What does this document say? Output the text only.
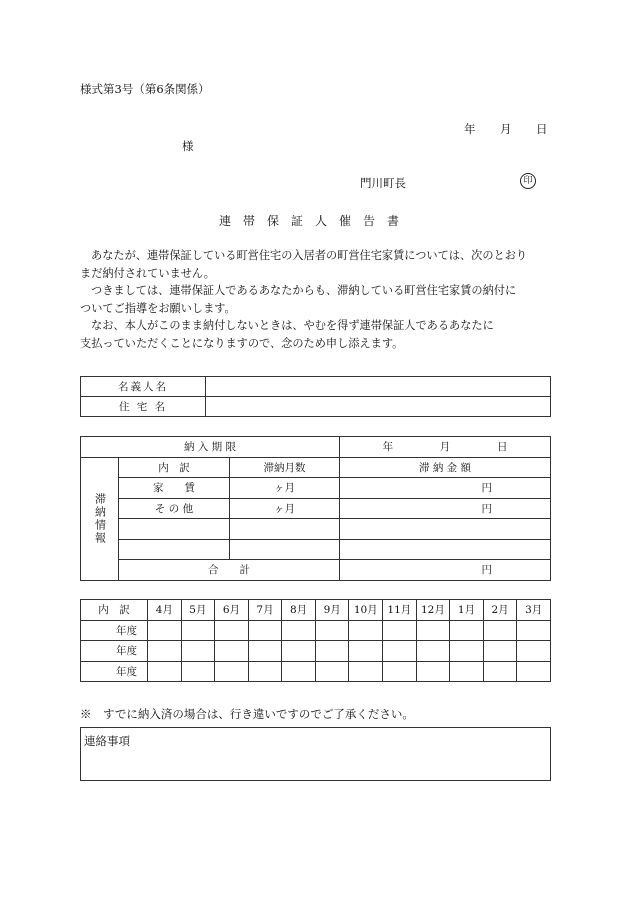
様式第3号（第6条関係）
年 月 日
様
門川町長	印
連帯保証人催告書

あなたが、連帯保証している町営住宅の入居者の町営住宅家賃については、次のとおり

まだ納付されていません。

つきましては、連帯保証人であるあなたからも、滞納している町営住宅家賃の納付に

ついてご指導をお願いします。

なお、本人がこのまま納付しないときは、やむを得ず連帯保証人であるあなたに

支払っていただくことになりますので、念のため申し添えます。

名義人名	
住 宅 名	
納 入 期 限			年 月 日

滞納情報	内　訳	滞納月数	滞 納 金 額
	家　　賃	ヶ月	円
	そ の 他	ヶ月	円

	合　　計		円
内　訳	4月	5月	6月	7月	8月	9月	10月	11月	12月	1月	2月	3月
年度												
年度												
年度												
※　すでに納入済の場合は、行き違いですのでご了承ください。
連絡事項
